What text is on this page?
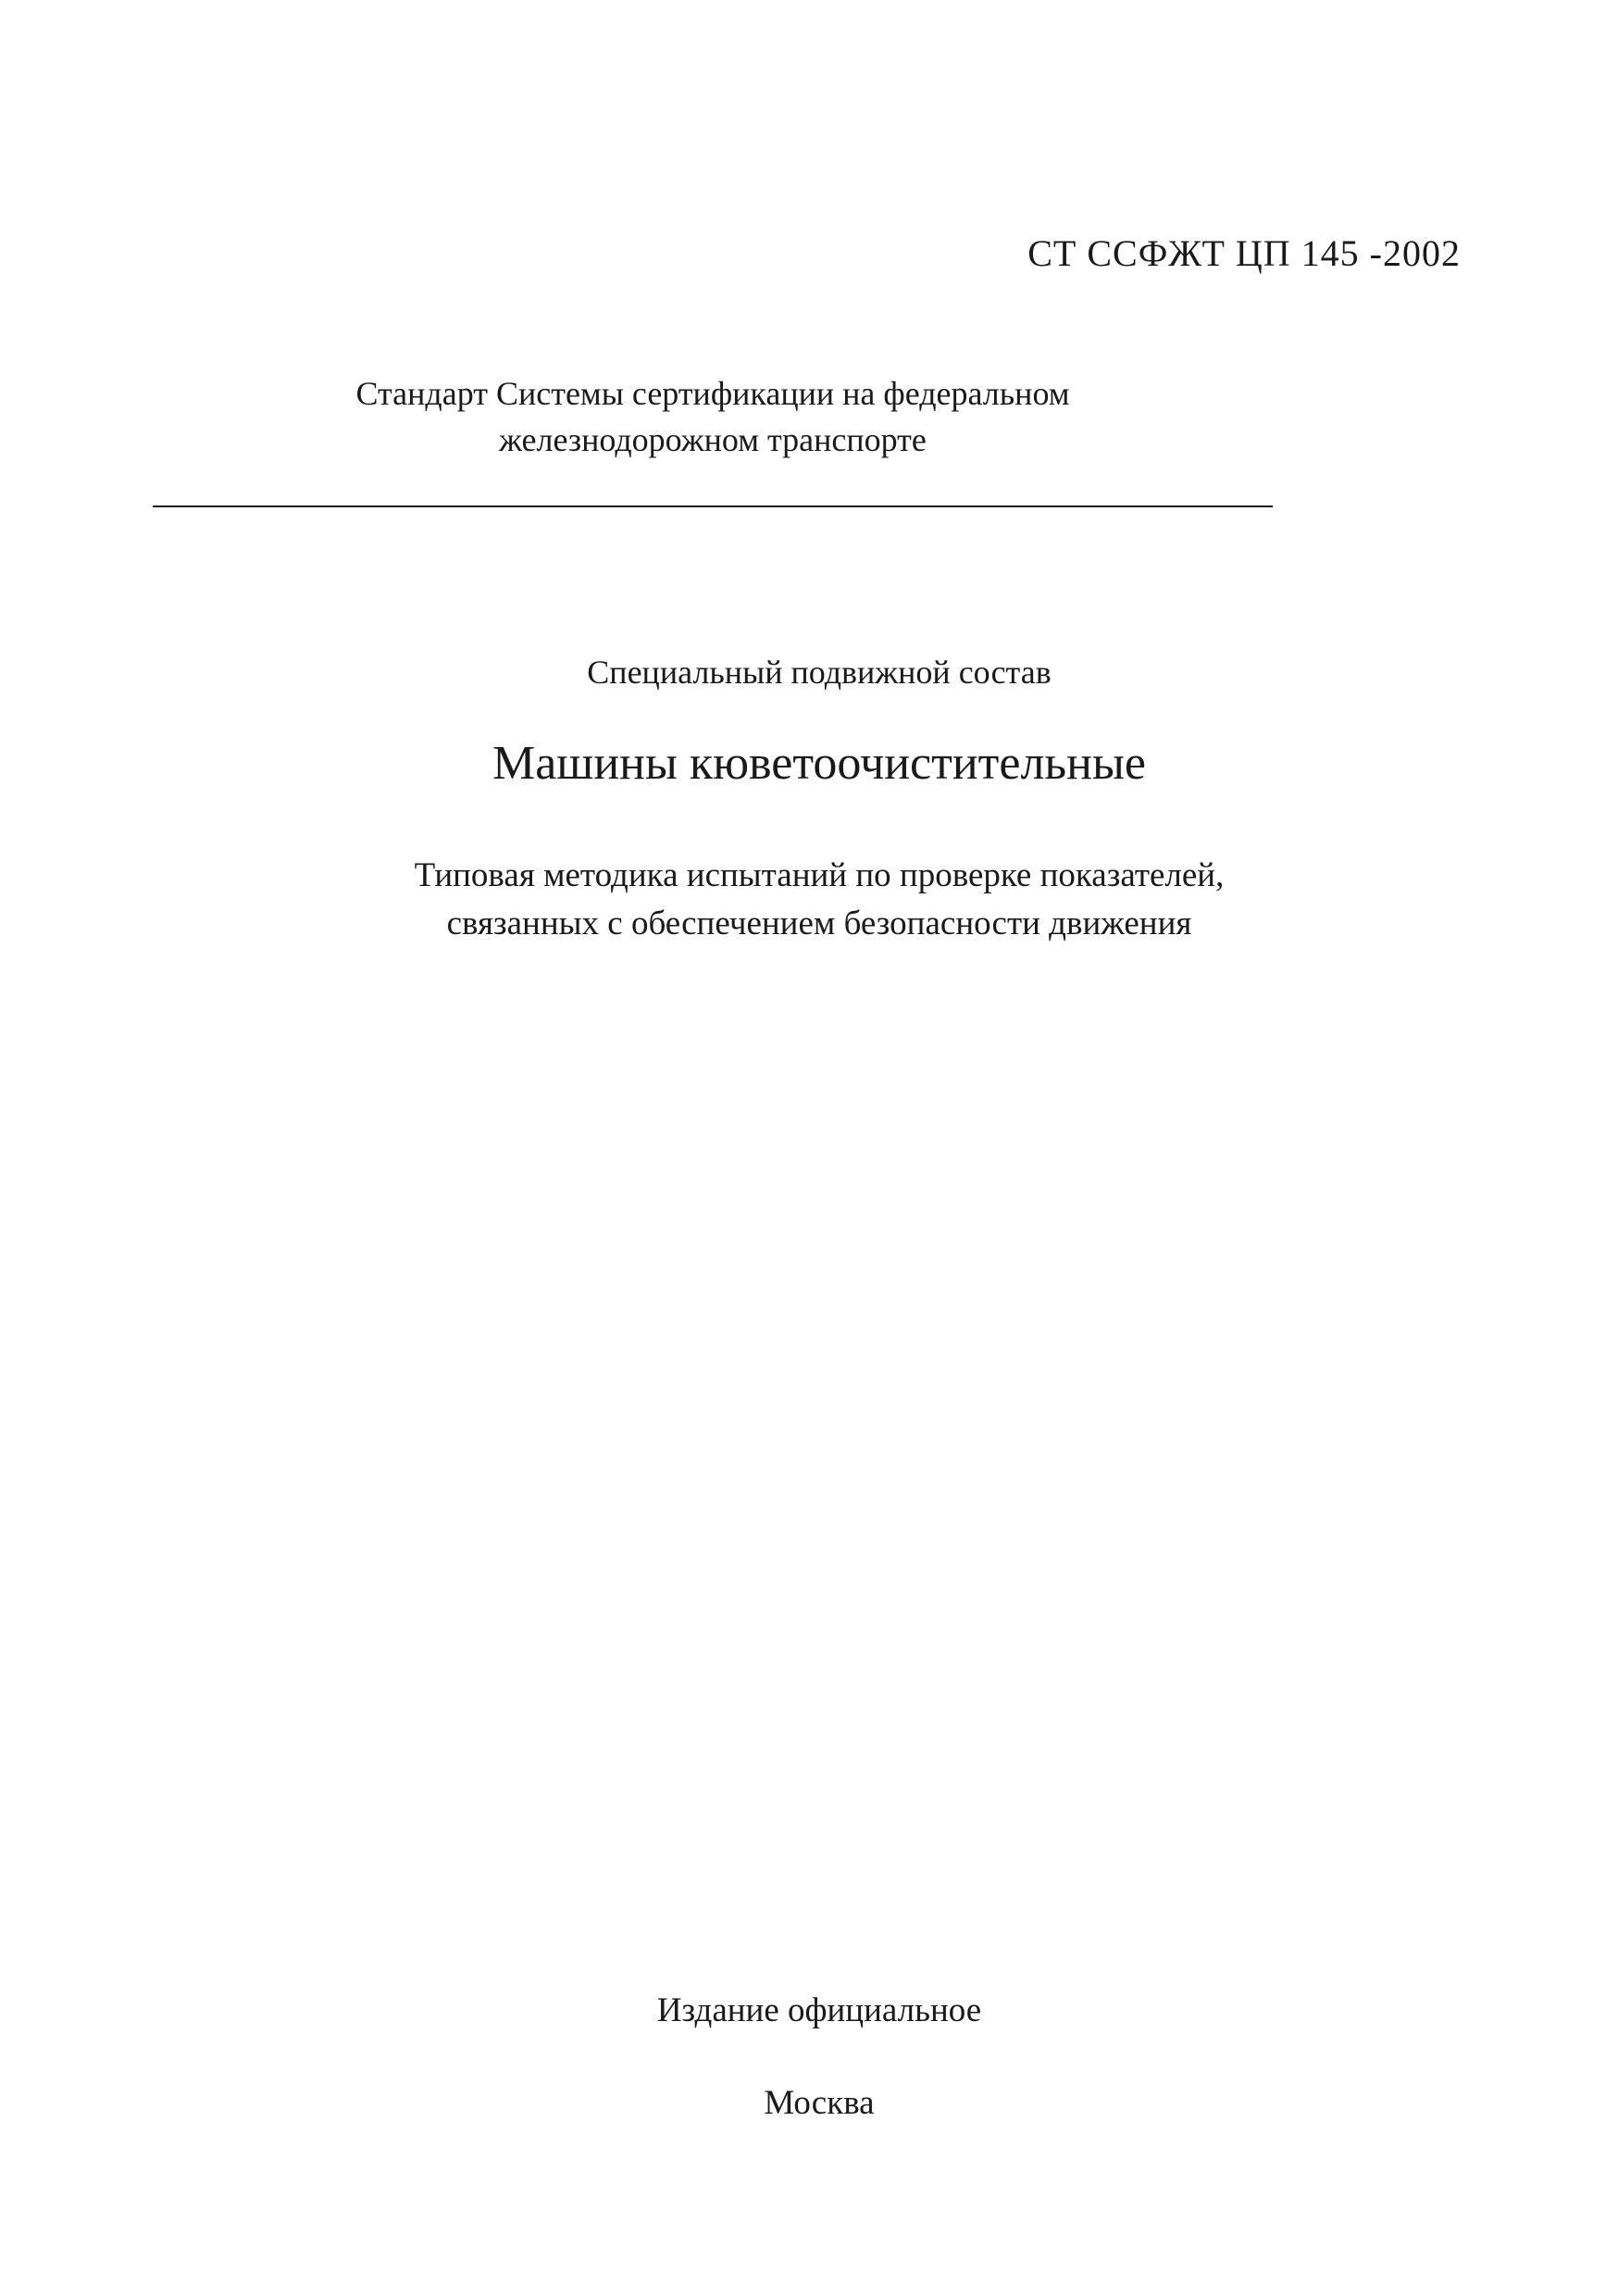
СТ ССФЖТ ЦП 145 -2002
Стандарт Системы сертификации на федеральном
железнодорожном транспорте
Специальный подвижной состав
Машины кюветоочистительные
Типовая методика испытаний по проверке показателей,
связанных с обеспечением безопасности движения
Издание официальное
Москва
